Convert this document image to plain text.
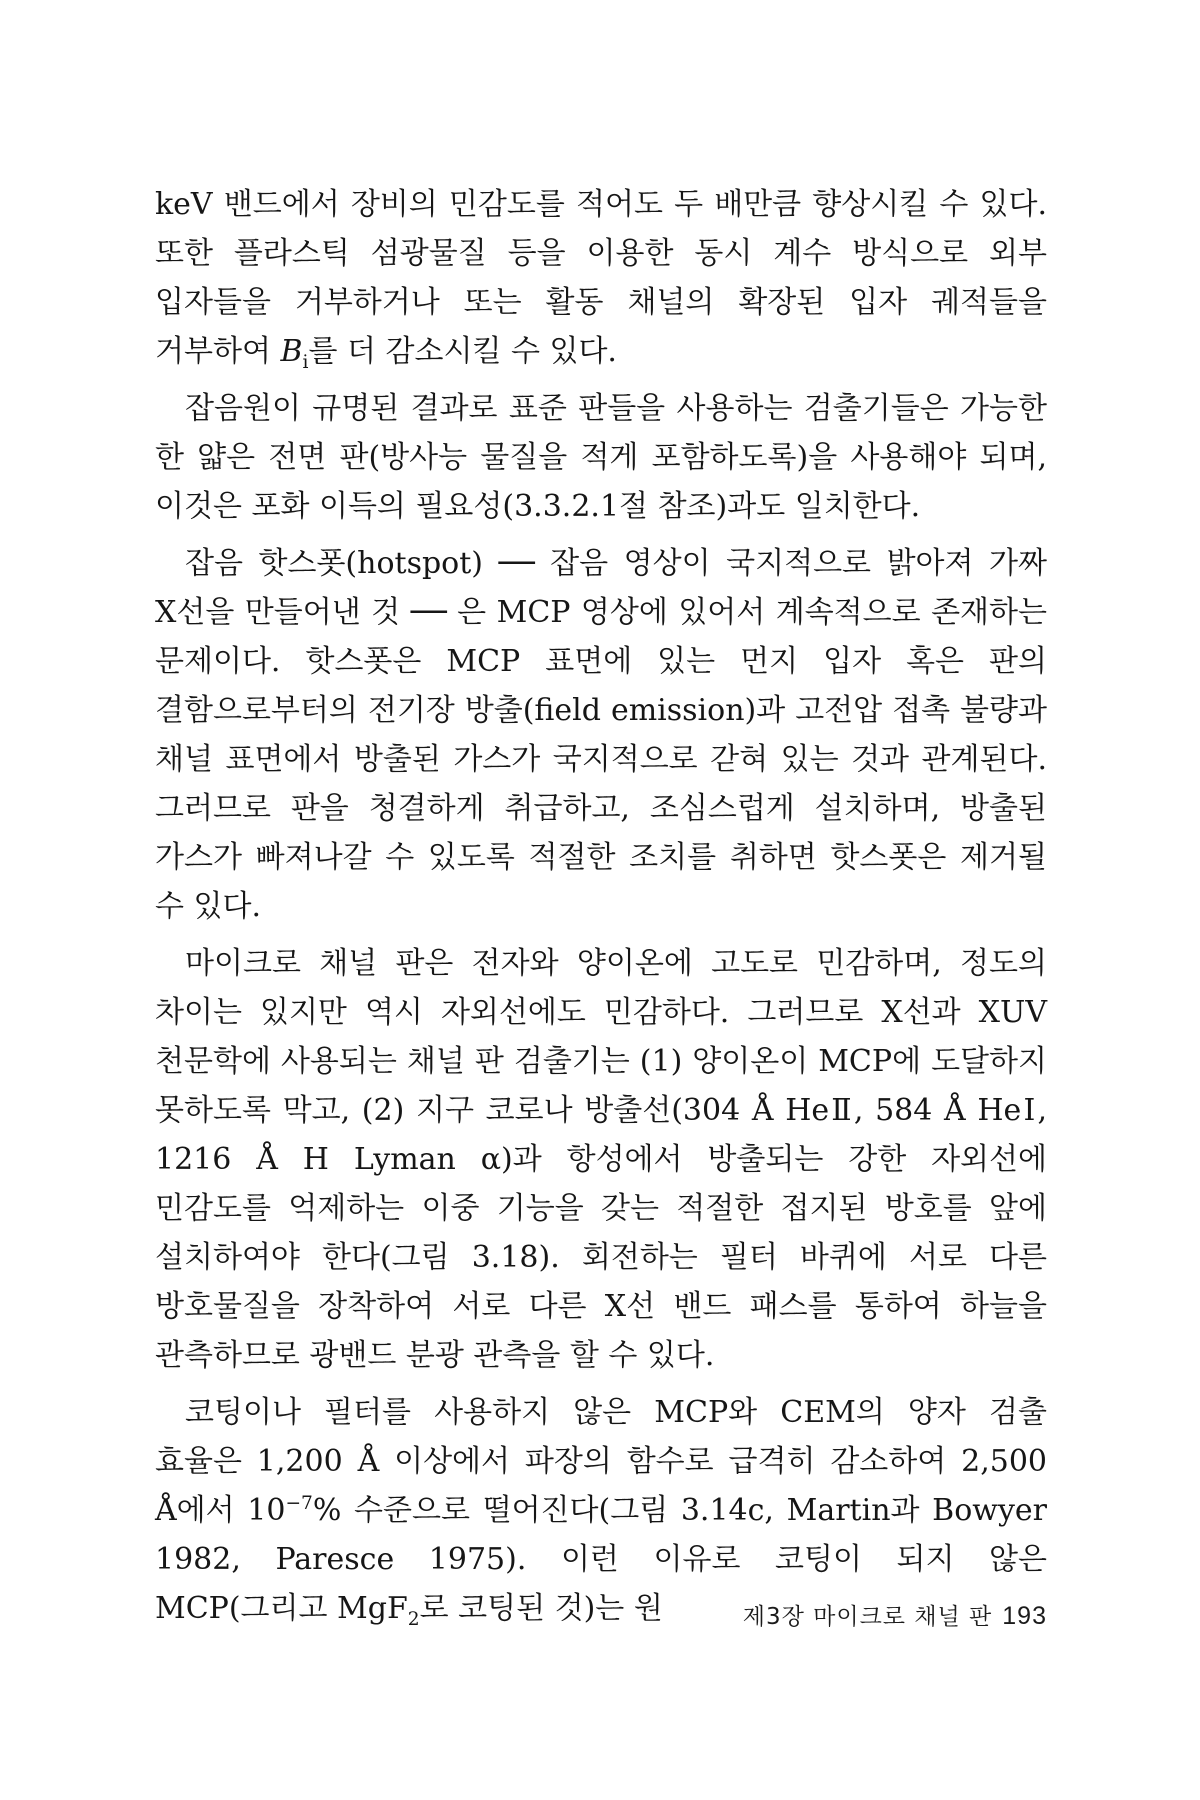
keV 밴드에서 장비의 민감도를 적어도 두 배만큼 향상시킬 수 있다. 또한 플라스틱 섬광물질 등을 이용한 동시 계수 방식으로 외부 입자들을 거부하거나 또는 활동 채널의 확장된 입자 궤적들을 거부하여 $B_i$를 더 감소시킬 수 있다.

잡음원이 규명된 결과로 표준 판들을 사용하는 검출기들은 가능한 한 얇은 전면 판(방사능 물질을 적게 포함하도록)을 사용해야 되며, 이것은 포화 이득의 필요성(3.3.2.1절 참조)과도 일치한다.

잡음 핫스폿(hotspot) ── 잡음 영상이 국지적으로 밝아져 가짜 X선을 만들어낸 것 ── 은 MCP 영상에 있어서 계속적으로 존재하는 문제이다. 핫스폿은 MCP 표면에 있는 먼지 입자 혹은 판의 결함으로부터의 전기장 방출(field emission)과 고전압 접촉 불량과 채널 표면에서 방출된 가스가 국지적으로 갇혀 있는 것과 관계된다. 그러므로 판을 청결하게 취급하고, 조심스럽게 설치하며, 방출된 가스가 빠져나갈 수 있도록 적절한 조치를 취하면 핫스폿은 제거될 수 있다.

마이크로 채널 판은 전자와 양이온에 고도로 민감하며, 정도의 차이는 있지만 역시 자외선에도 민감하다. 그러므로 X선과 XUV 천문학에 사용되는 채널 판 검출기는 (1) 양이온이 MCP에 도달하지 못하도록 막고, (2) 지구 코로나 방출선(304 Å HeⅡ, 584 Å HeⅠ, 1216 Å H Lyman α)과 항성에서 방출되는 강한 자외선에 민감도를 억제하는 이중 기능을 갖는 적절한 접지된 방호를 앞에 설치하여야 한다(그림 3.18). 회전하는 필터 바퀴에 서로 다른 방호물질을 장착하여 서로 다른 X선 밴드 패스를 통하여 하늘을 관측하므로 광밴드 분광 관측을 할 수 있다.

코팅이나 필터를 사용하지 않은 MCP와 CEM의 양자 검출 효율은 1,200 Å 이상에서 파장의 함수로 급격히 감소하여 2,500 Å에서 $10^{-7}\%$ 수준으로 떨어진다(그림 3.14c, Martin과 Bowyer 1982, Paresce 1975). 이런 이유로 코팅이 되지 않은 MCP(그리고 MgF$_2$로 코팅된 것)는 원	제3장 마이크로 채널 판 193
